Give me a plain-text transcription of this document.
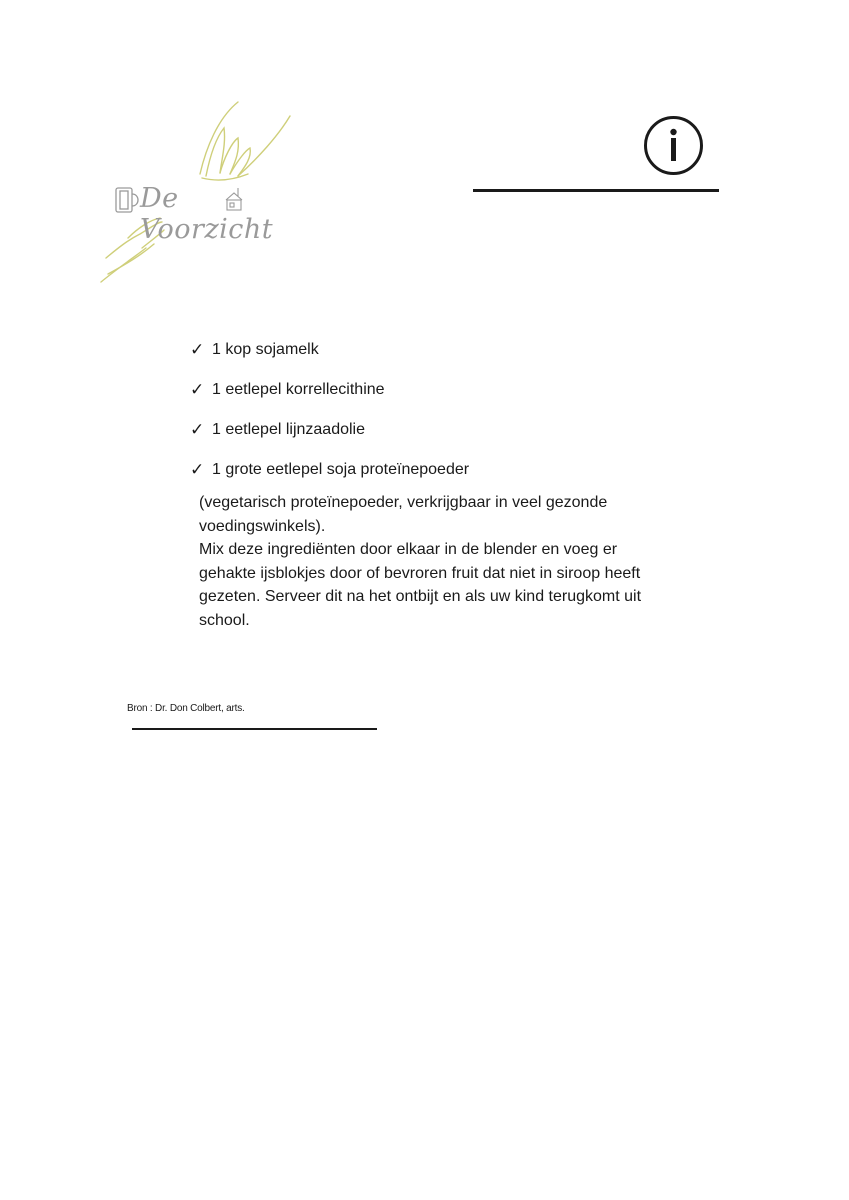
De Voorzicht
✓ 1 kop sojamelk
✓ 1 eetlepel korrellecithine
✓ 1 eetlepel lijnzaadolie
✓ 1 grote eetlepel soja proteïnepoeder

(vegetarisch proteïnepoeder, verkrijgbaar in veel gezonde voedingswinkels).

Mix deze ingrediënten door elkaar in de blender en voeg er gehakte ijsblokjes door of bevroren fruit dat niet in siroop heeft gezeten. Serveer dit na het ontbijt en als uw kind terugkomt uit school.

Bron : Dr. Don Colbert, arts.
